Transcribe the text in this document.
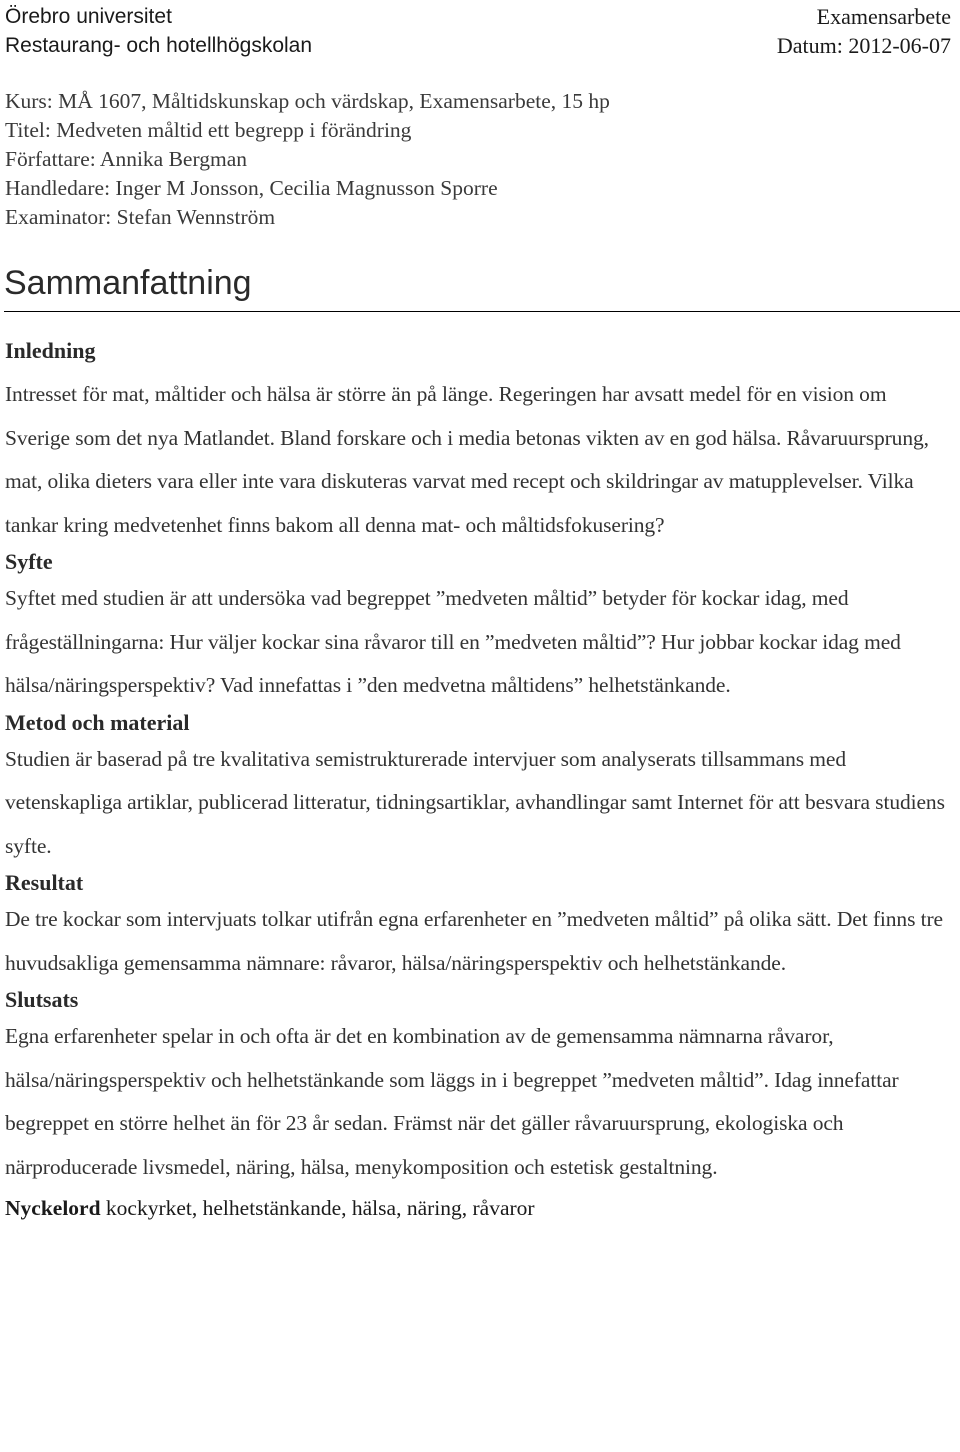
Örebro universitet	Examensarbete
Restaurang- och hotellhögskolan	Datum: 2012-06-07
Kurs: MÅ 1607, Måltidskunskap och värdskap, Examensarbete, 15 hp
Titel: Medveten måltid ett begrepp i förändring
Författare: Annika Bergman
Handledare: Inger M Jonsson, Cecilia Magnusson Sporre
Examinator: Stefan Wennström
Sammanfattning

Inledning

Intresset för mat, måltider och hälsa är större än på länge. Regeringen har avsatt medel för en vision om Sverige som det nya Matlandet. Bland forskare och i media betonas vikten av en god hälsa. Råvaruursprung, mat, olika dieters vara eller inte vara diskuteras varvat med recept och skildringar av matupplevelser. Vilka tankar kring medvetenhet finns bakom all denna mat- och måltidsfokusering?

Syfte

Syftet med studien är att undersöka vad begreppet ”medveten måltid” betyder för kockar idag, med frågeställningarna: Hur väljer kockar sina råvaror till en ”medveten måltid”? Hur jobbar kockar idag med hälsa/näringsperspektiv? Vad innefattas i ”den medvetna måltidens” helhetstänkande.

Metod och material

Studien är baserad på tre kvalitativa semistrukturerade intervjuer som analyserats tillsammans med vetenskapliga artiklar, publicerad litteratur, tidningsartiklar, avhandlingar samt Internet för att besvara studiens syfte.

Resultat

De tre kockar som intervjuats tolkar utifrån egna erfarenheter en ”medveten måltid” på olika sätt. Det finns tre huvudsakliga gemensamma nämnare: råvaror, hälsa/näringsperspektiv och helhetstänkande.

Slutsats

Egna erfarenheter spelar in och ofta är det en kombination av de gemensamma nämnarna råvaror, hälsa/näringsperspektiv och helhetstänkande som läggs in i begreppet ”medveten måltid”. Idag innefattar begreppet en större helhet än för 23 år sedan. Främst när det gäller råvaruursprung, ekologiska och närproducerade livsmedel, näring, hälsa, menykomposition och estetisk gestaltning.

Nyckelord kockyrket, helhetstänkande, hälsa, näring, råvaror
